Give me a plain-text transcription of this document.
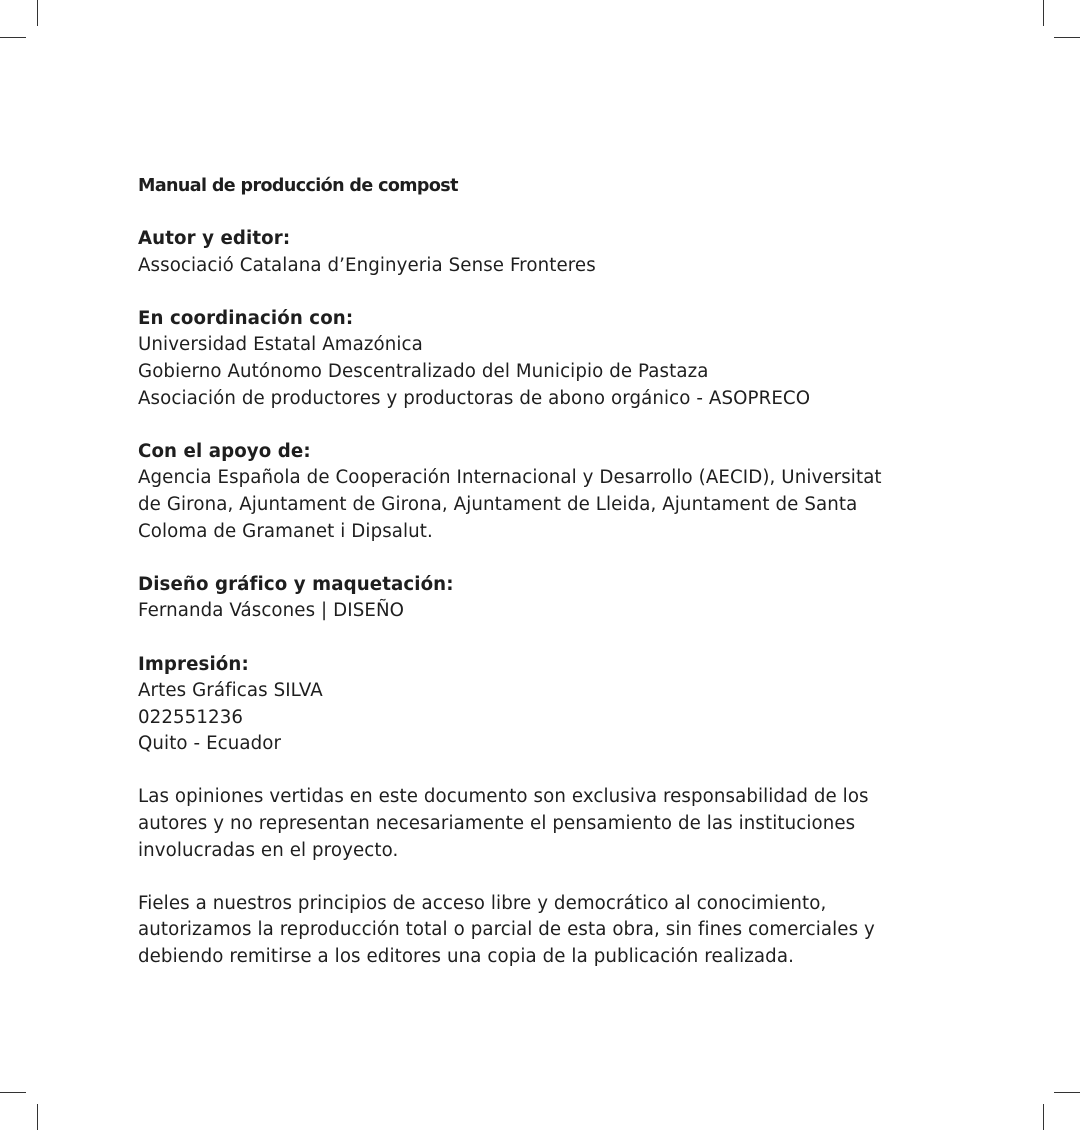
Manual de producción de compost
Autor y editor:
Associació Catalana d’Enginyeria Sense Fronteres
En coordinación con:
Universidad Estatal Amazónica
Gobierno Autónomo Descentralizado del Municipio de Pastaza
Asociación de productores y productoras de abono orgánico - ASOPRECO
Con el apoyo de:
Agencia Española de Cooperación Internacional y Desarrollo (AECID), Universitat
de Girona, Ajuntament de Girona, Ajuntament de Lleida, Ajuntament de Santa
Coloma de Gramanet i Dipsalut.
Diseño gráfico y maquetación:
Fernanda Váscones | DISEÑO
Impresión:
Artes Gráficas SILVA
022551236
Quito - Ecuador
Las opiniones vertidas en este documento son exclusiva responsabilidad de los
autores y no representan necesariamente el pensamiento de las instituciones
involucradas en el proyecto.
Fieles a nuestros principios de acceso libre y democrático al conocimiento,
autorizamos la reproducción total o parcial de esta obra, sin fines comerciales y
debiendo remitirse a los editores una copia de la publicación realizada.
